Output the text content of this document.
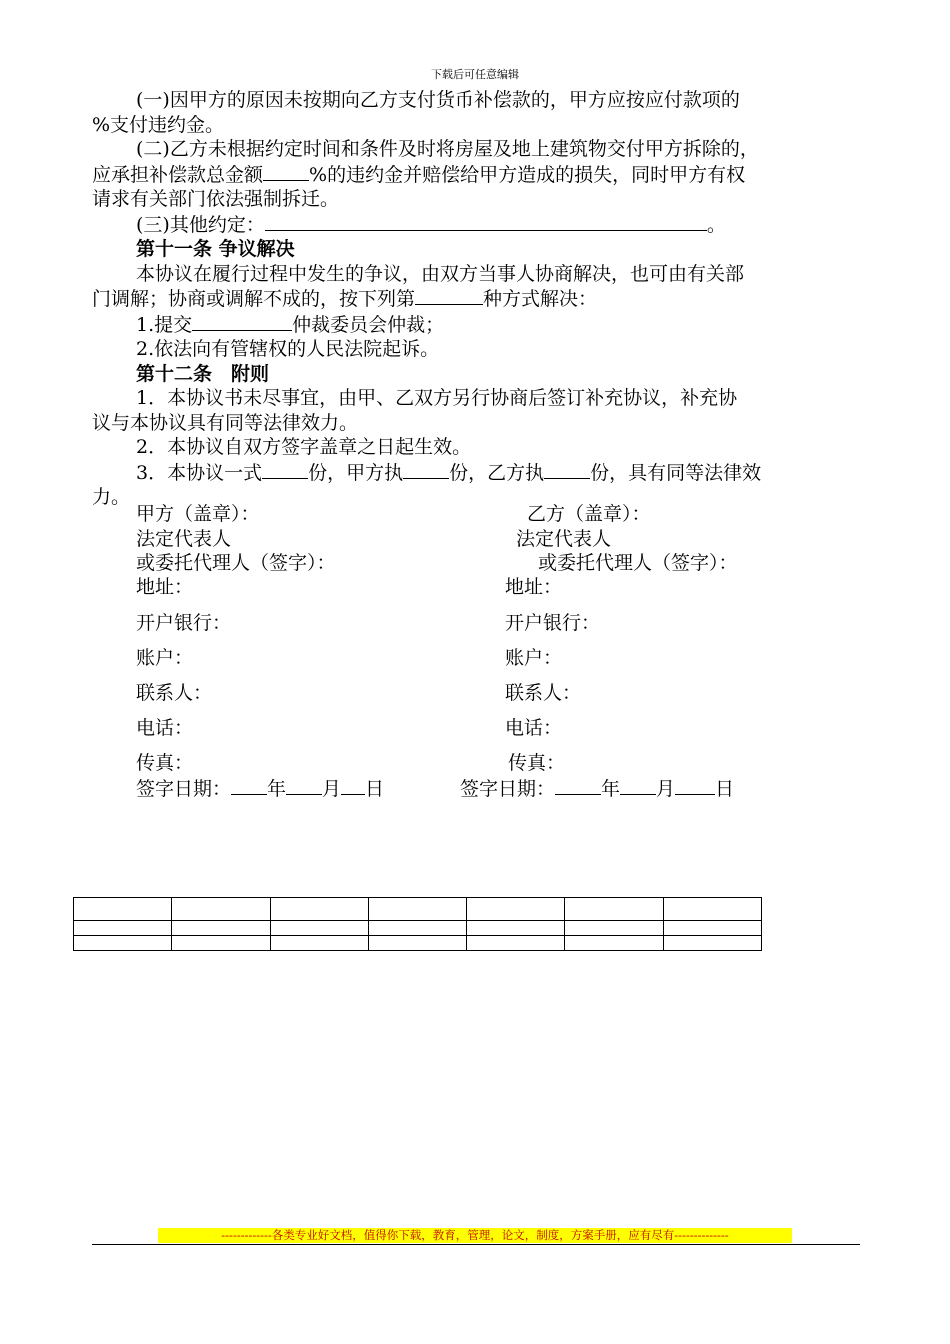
下载后可任意编辑

(一)因甲方的原因未按期向乙方支付货币补偿款的，甲方应按应付款项的

%支付违约金。

(二)乙方未根据约定时间和条件及时将房屋及地上建筑物交付甲方拆除的，

应承担补偿款总金额 %的违约金并赔偿给甲方造成的损失，同时甲方有权

请求有关部门依法强制拆迁。

(三)其他约定：	。

第十一条 争议解决

本协议在履行过程中发生的争议，由双方当事人协商解决，也可由有关部

门调解；协商或调解不成的，按下列第	种方式解决：

1.提交	仲裁委员会仲裁；

2.依法向有管辖权的人民法院起诉。

第十二条　附则

1．本协议书未尽事宜，由甲、乙双方另行协商后签订补充协议，补充协

议与本协议具有同等法律效力。

2．本协议自双方签字盖章之日起生效。

3．本协议一式 份，甲方执 份，乙方执 份，具有同等法律效

力。

甲方（盖章）：	乙方（盖章）：
法定代表人	法定代表人
或委托代理人（签字）：	或委托代理人（签字）：
地址：	地址：
开户银行：	开户银行：
账户：	账户：
联系人：	联系人：
电话：	电话：
传真：	传真：
签字日期： 年 月 日	签字日期： 年 月 日

-------------各类专业好文档，值得你下载，教育，管理，论文，制度，方案手册，应有尽有--------------
